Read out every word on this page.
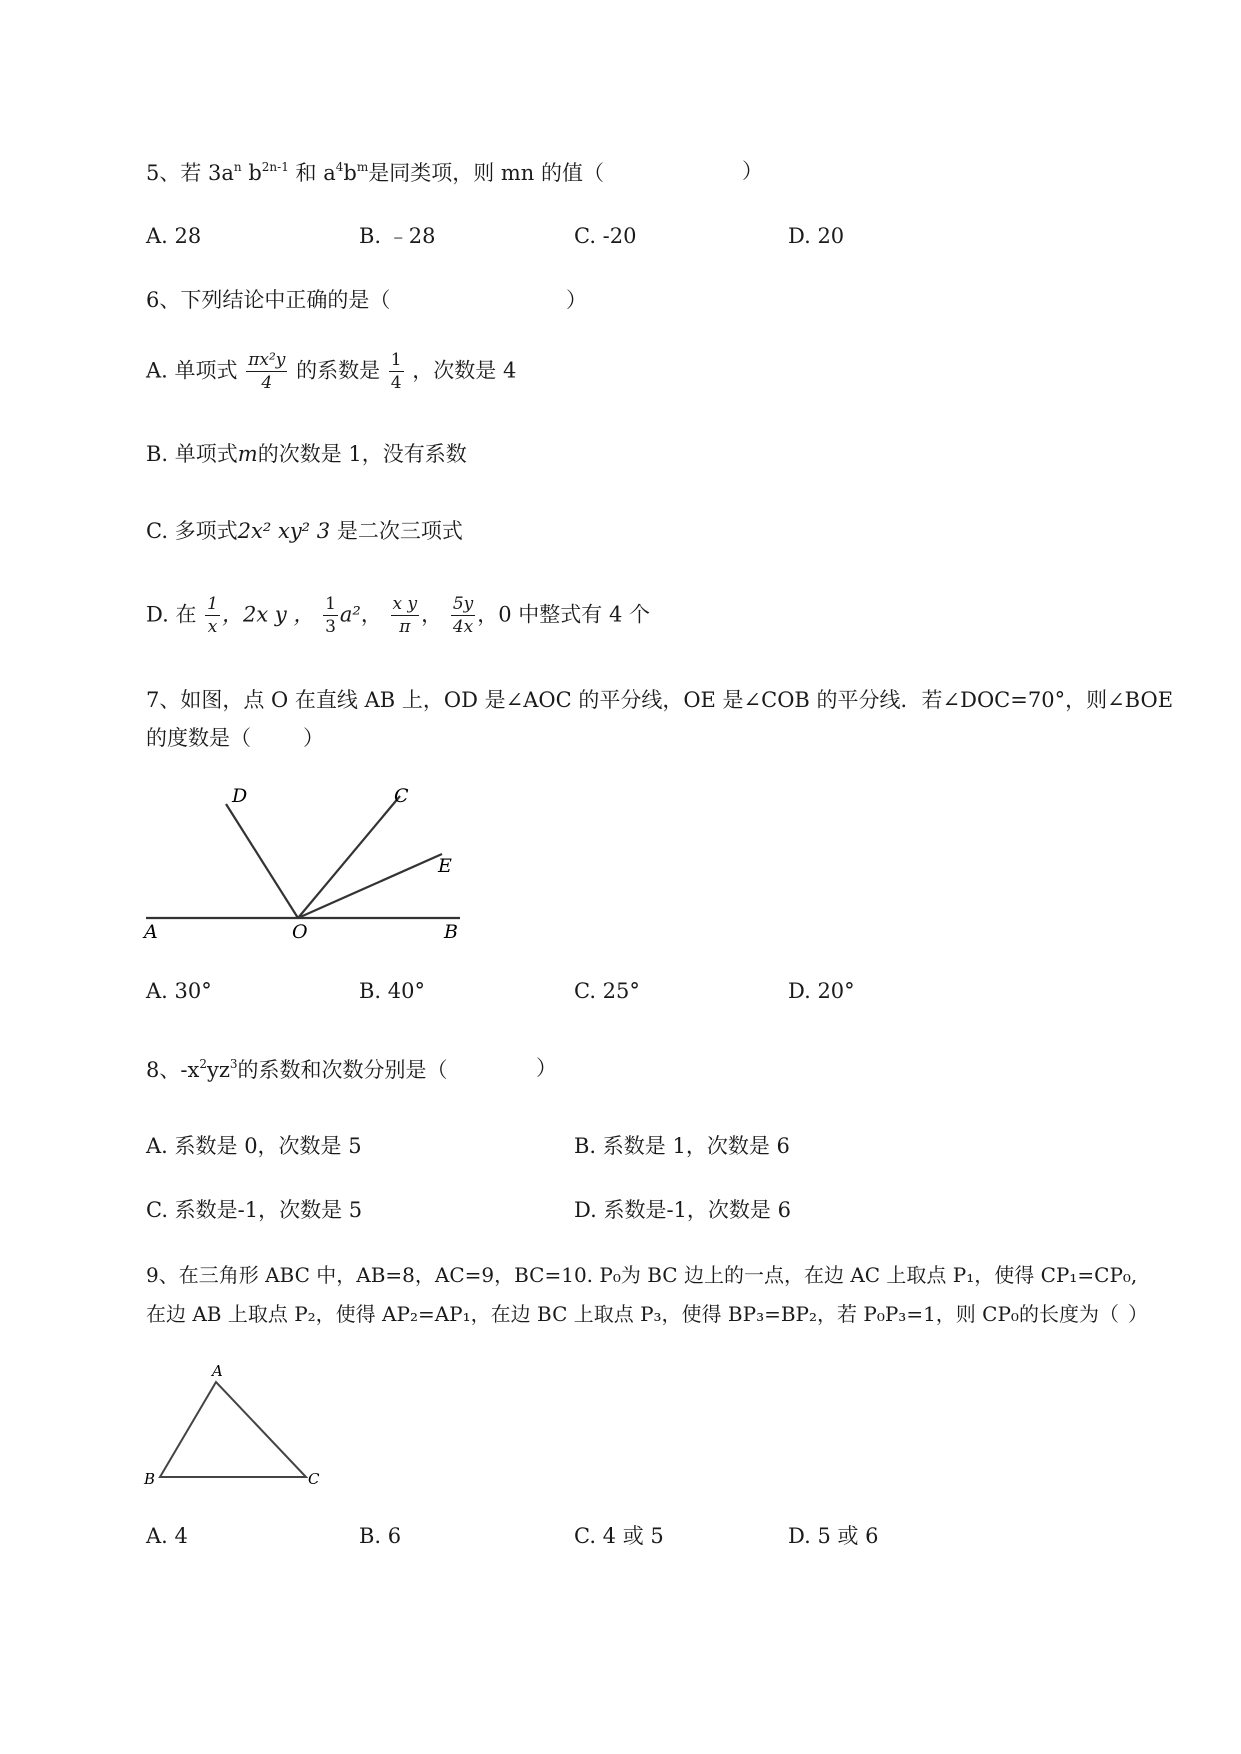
5、若 $3a^n$ $b^{2n-1}$ 和 $a^4b^m$是同类项，则 mn 的值（	）
A. 28	B. ﹣28	C. -20	D. 20
6、下列结论中正确的是（	）
A. 单项式 $\frac{\text{πx²y}}{4}$ 的系数是 $\frac{1}{4}$ ，次数是 4
B. 单项式m的次数是 1，没有系数
C. 多项式2x² xy² 3 是二次三项式
D. 在 $\frac{1}{x}$ ，2x y ， $\frac{1}{3} a^2$， $\frac{\text{x y}}{\pi}$ ， $\frac{5y}{4x}$ ，0 中整式有 4 个
7、如图，点 O 在直线 AB 上，OD 是∠AOC 的平分线，OE 是∠COB 的平分线．若∠DOC=70°，则∠BOE
的度数是（ ）
D	C
E
A	O	B
A. 30°	B. 40°	C. 25°	D. 20°
8、$-x^2yz^3$的系数和次数分别是（	）
A. 系数是 0，次数是 5	B. 系数是 1，次数是 6
C. 系数是-1，次数是 5	D. 系数是-1，次数是 6
9、在三角形 ABC 中，AB=8，AC=9，BC=10. P₀为 BC 边上的一点，在边 AC 上取点 P₁，使得 CP₁=CP₀,
在边 AB 上取点 P₂，使得 AP₂=AP₁，在边 BC 上取点 P₃，使得 BP₃=BP₂，若 P₀P₃=1，则 CP₀的长度为（ ）
A
B	C
A. 4	B. 6	C. 4 或 5	D. 5 或 6
